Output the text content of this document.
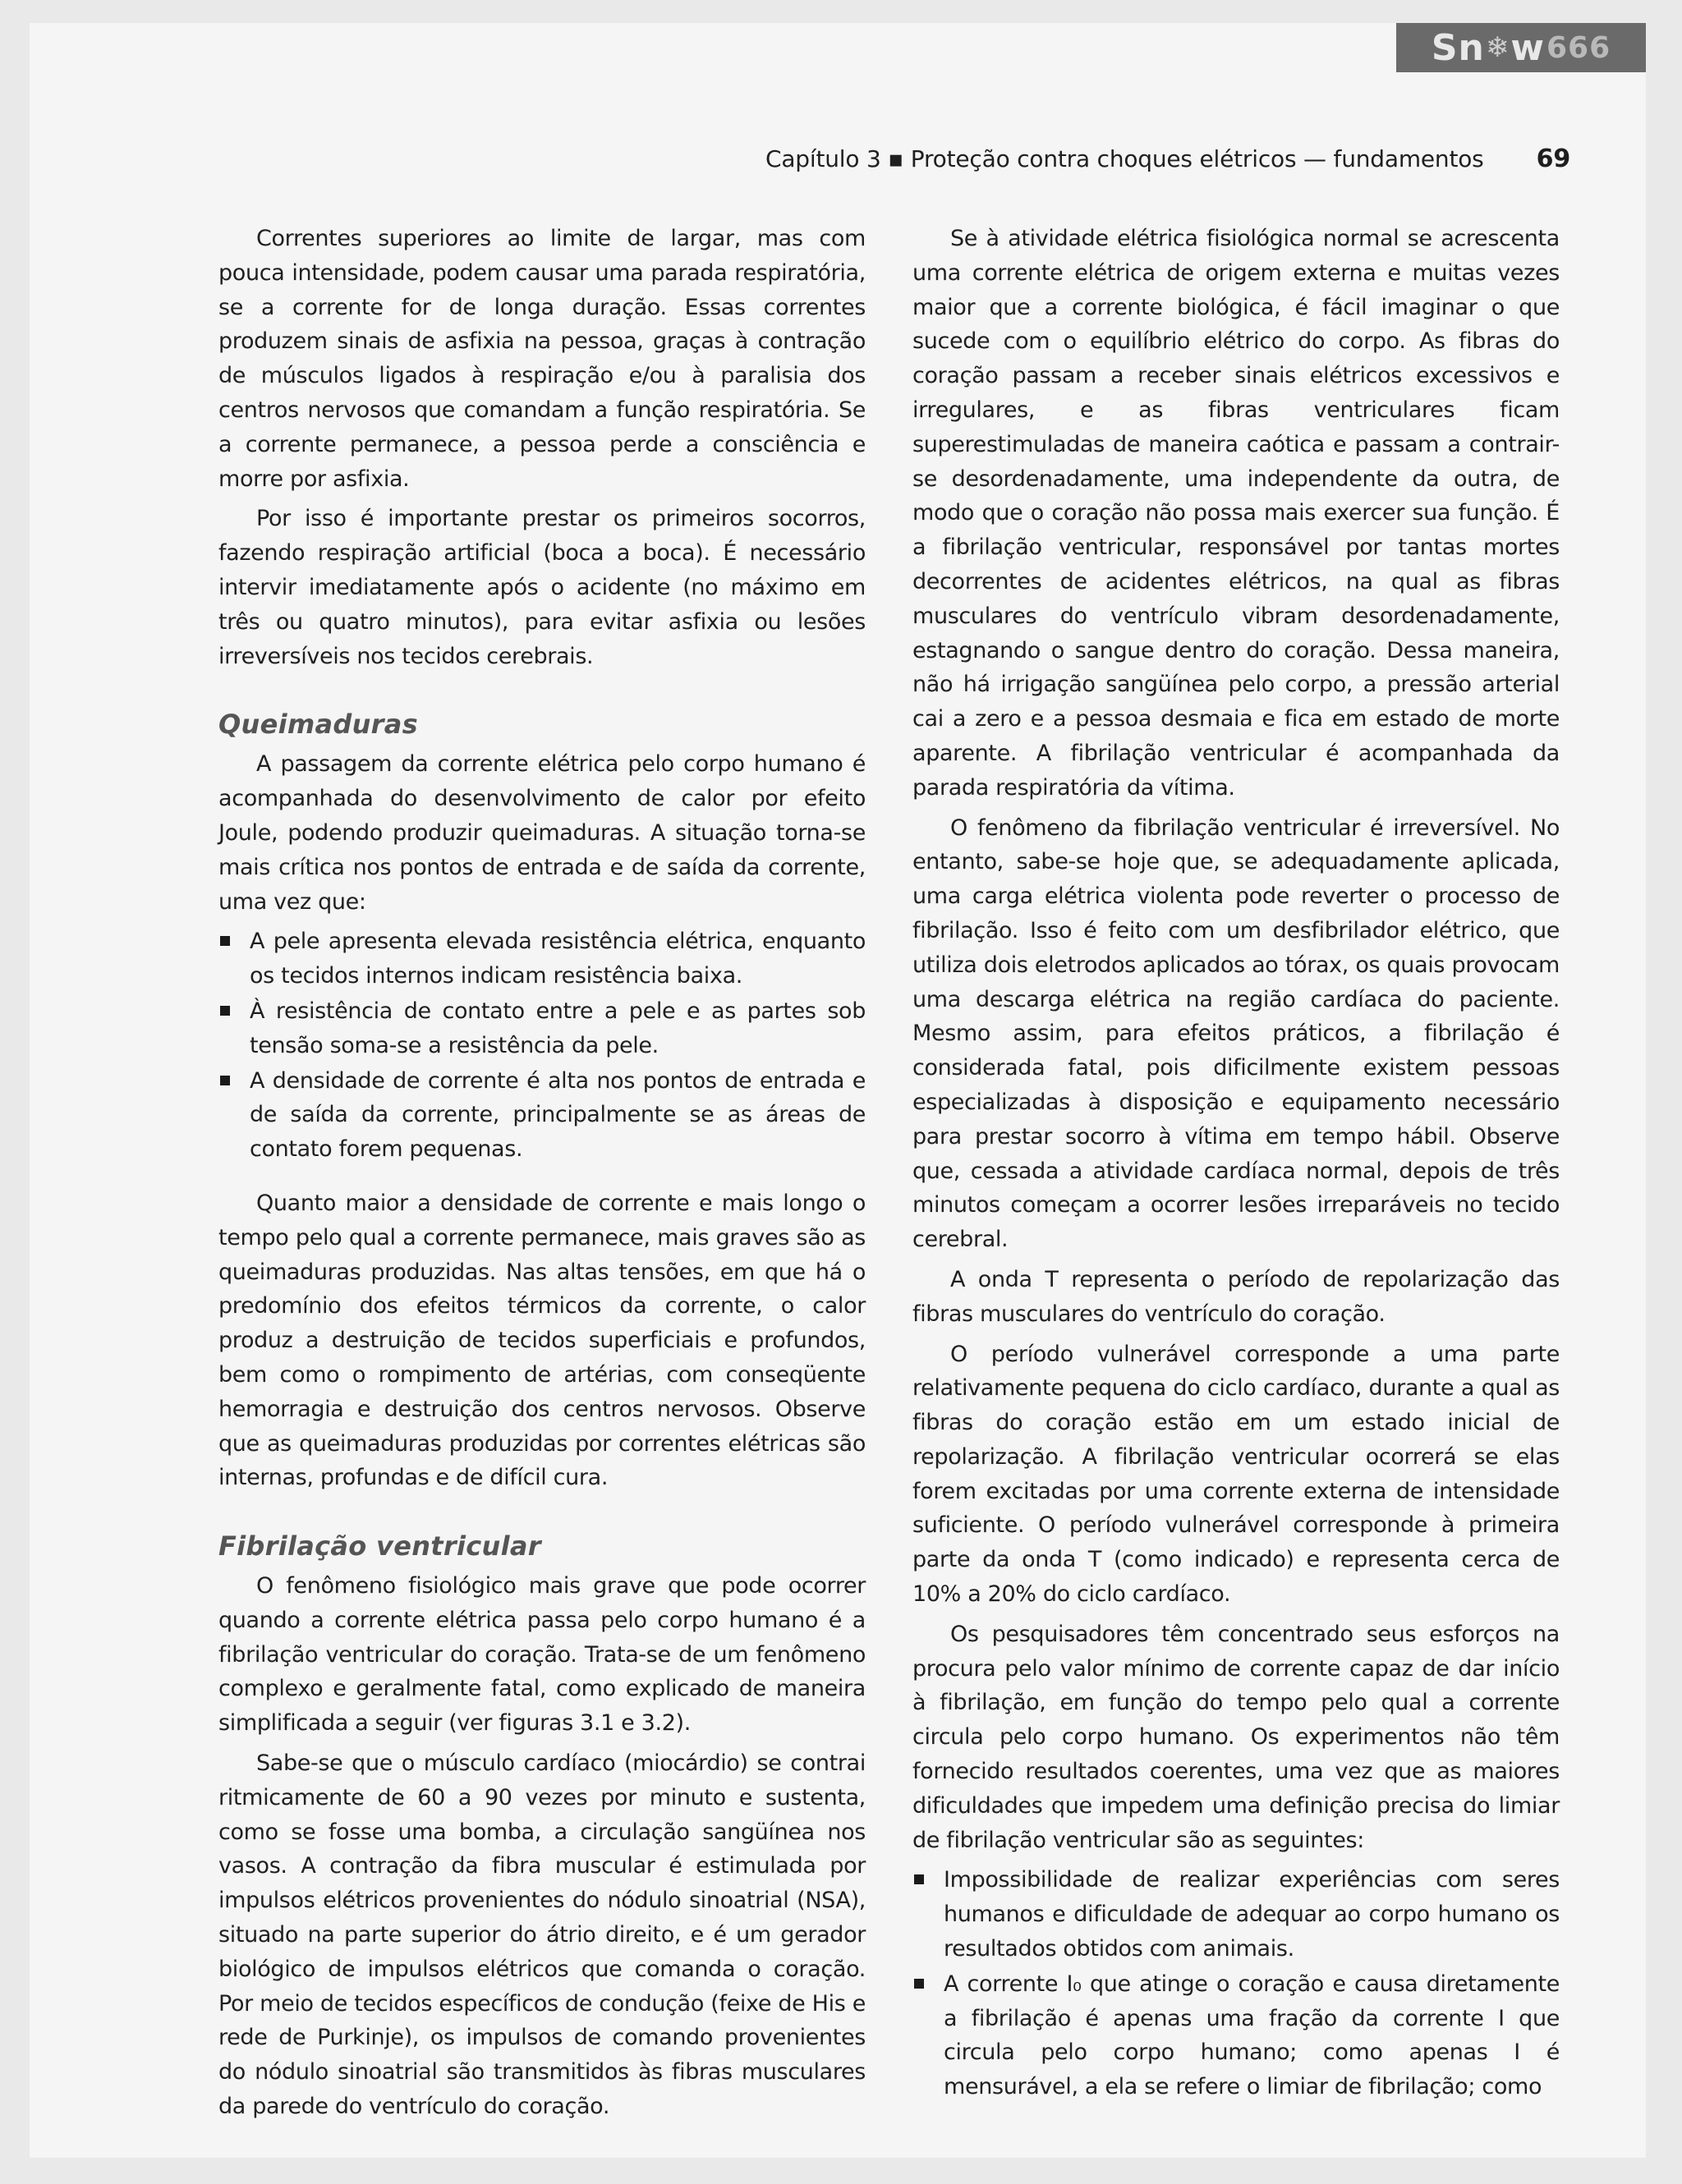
Sn ❄ w 666
Capítulo 3 ▪ Proteção contra choques elétricos — fundamentos 69

Correntes superiores ao limite de largar, mas com pouca intensidade, podem causar uma parada respiratória, se a corrente for de longa duração. Essas correntes produzem sinais de asfixia na pessoa, graças à contração de músculos ligados à respiração e/ou à paralisia dos centros nervosos que comandam a função respiratória. Se a corrente permanece, a pessoa perde a consciência e morre por asfixia.

Por isso é importante prestar os primeiros socorros, fazendo respiração artificial (boca a boca). É necessário intervir imediatamente após o acidente (no máximo em três ou quatro minutos), para evitar asfixia ou lesões irreversíveis nos tecidos cerebrais.

Queimaduras

A passagem da corrente elétrica pelo corpo humano é acompanhada do desenvolvimento de calor por efeito Joule, podendo produzir queimaduras. A situação torna-se mais crítica nos pontos de entrada e de saída da corrente, uma vez que:

A pele apresenta elevada resistência elétrica, enquanto os tecidos internos indicam resistência baixa.
À resistência de contato entre a pele e as partes sob tensão soma-se a resistência da pele.
A densidade de corrente é alta nos pontos de entrada e de saída da corrente, principalmente se as áreas de contato forem pequenas.

Quanto maior a densidade de corrente e mais longo o tempo pelo qual a corrente permanece, mais graves são as queimaduras produzidas. Nas altas tensões, em que há o predomínio dos efeitos térmicos da corrente, o calor produz a destruição de tecidos superficiais e profundos, bem como o rompimento de artérias, com conseqüente hemorragia e destruição dos centros nervosos. Observe que as queimaduras produzidas por correntes elétricas são internas, profundas e de difícil cura.

Fibrilação ventricular

O fenômeno fisiológico mais grave que pode ocorrer quando a corrente elétrica passa pelo corpo humano é a fibrilação ventricular do coração. Trata-se de um fenômeno complexo e geralmente fatal, como explicado de maneira simplificada a seguir (ver figuras 3.1 e 3.2).

Sabe-se que o músculo cardíaco (miocárdio) se contrai ritmicamente de 60 a 90 vezes por minuto e sustenta, como se fosse uma bomba, a circulação sangüínea nos vasos. A contração da fibra muscular é estimulada por impulsos elétricos provenientes do nódulo sinoatrial (NSA), situado na parte superior do átrio direito, e é um gerador biológico de impulsos elétricos que comanda o coração. Por meio de tecidos específicos de condução (feixe de His e rede de Purkinje), os impulsos de comando provenientes do nódulo sinoatrial são transmitidos às fibras musculares da parede do ventrículo do coração.

Se à atividade elétrica fisiológica normal se acrescenta uma corrente elétrica de origem externa e muitas vezes maior que a corrente biológica, é fácil imaginar o que sucede com o equilíbrio elétrico do corpo. As fibras do coração passam a receber sinais elétricos excessivos e irregulares, e as fibras ventriculares ficam superestimuladas de maneira caótica e passam a contrair-se desordenadamente, uma independente da outra, de modo que o coração não possa mais exercer sua função. É a fibrilação ventricular, responsável por tantas mortes decorrentes de acidentes elétricos, na qual as fibras musculares do ventrículo vibram desordenadamente, estagnando o sangue dentro do coração. Dessa maneira, não há irrigação sangüínea pelo corpo, a pressão arterial cai a zero e a pessoa desmaia e fica em estado de morte aparente. A fibrilação ventricular é acompanhada da parada respiratória da vítima.

O fenômeno da fibrilação ventricular é irreversível. No entanto, sabe-se hoje que, se adequadamente aplicada, uma carga elétrica violenta pode reverter o processo de fibrilação. Isso é feito com um desfibrilador elétrico, que utiliza dois eletrodos aplicados ao tórax, os quais provocam uma descarga elétrica na região cardíaca do paciente. Mesmo assim, para efeitos práticos, a fibrilação é considerada fatal, pois dificilmente existem pessoas especializadas à disposição e equipamento necessário para prestar socorro à vítima em tempo hábil. Observe que, cessada a atividade cardíaca normal, depois de três minutos começam a ocorrer lesões irreparáveis no tecido cerebral.

A onda T representa o período de repolarização das fibras musculares do ventrículo do coração.

O período vulnerável corresponde a uma parte relativamente pequena do ciclo cardíaco, durante a qual as fibras do coração estão em um estado inicial de repolarização. A fibrilação ventricular ocorrerá se elas forem excitadas por uma corrente externa de intensidade suficiente. O período vulnerável corresponde à primeira parte da onda T (como indicado) e representa cerca de 10% a 20% do ciclo cardíaco.

Os pesquisadores têm concentrado seus esforços na procura pelo valor mínimo de corrente capaz de dar início à fibrilação, em função do tempo pelo qual a corrente circula pelo corpo humano. Os experimentos não têm fornecido resultados coerentes, uma vez que as maiores dificuldades que impedem uma definição precisa do limiar de fibrilação ventricular são as seguintes:

Impossibilidade de realizar experiências com seres humanos e dificuldade de adequar ao corpo humano os resultados obtidos com animais.
A corrente I₀ que atinge o coração e causa diretamente a fibrilação é apenas uma fração da corrente I que circula pelo corpo humano; como apenas I é mensurável, a ela se refere o limiar de fibrilação; como
